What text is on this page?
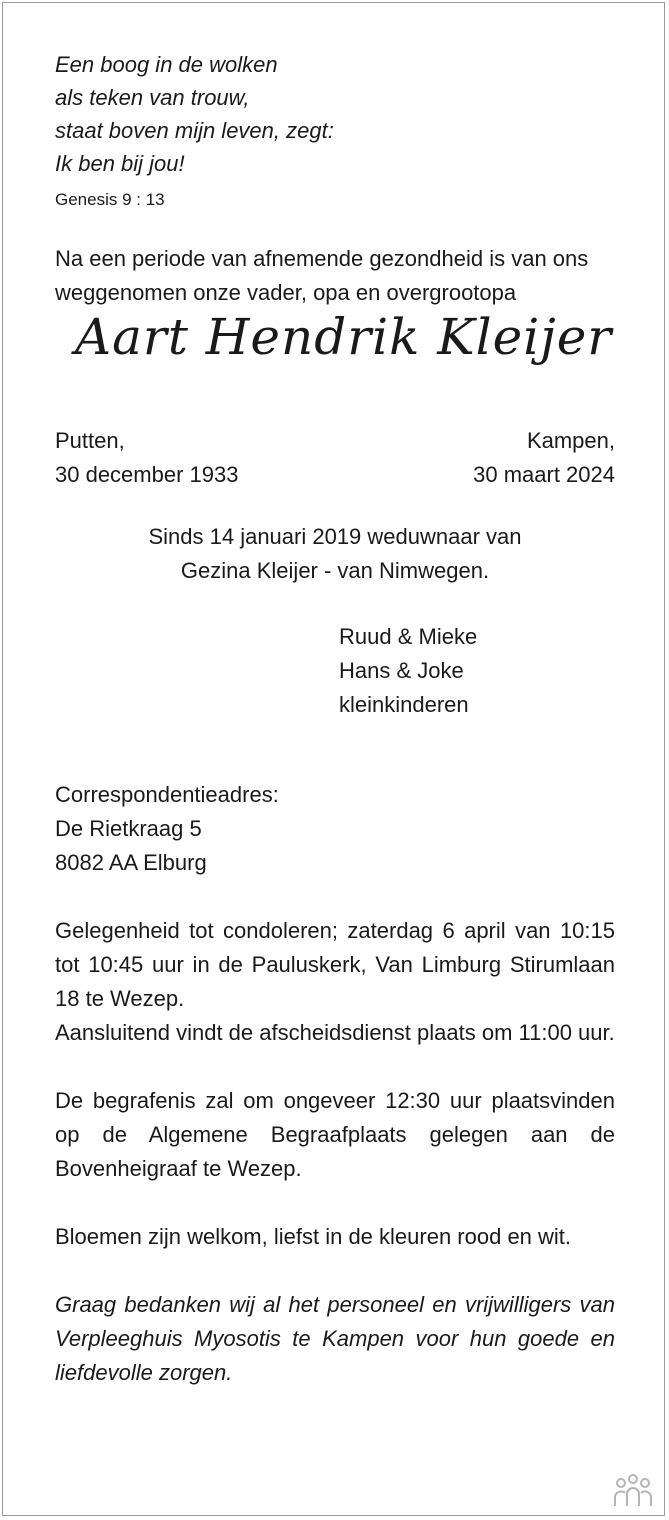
Een boog in de wolken
als teken van trouw,
staat boven mijn leven, zegt:
Ik ben bij jou!
Genesis 9 : 13
Na een periode van afnemende gezondheid is van ons weggenomen onze vader, opa en overgrootopa
Aart Hendrik Kleijer
Putten,
30 december 1933
Kampen,
30 maart 2024
Sinds 14 januari 2019 weduwnaar van
Gezina Kleijer - van Nimwegen.
Ruud & Mieke
Hans & Joke
kleinkinderen
Correspondentieadres:
De Rietkraag 5
8082 AA Elburg
Gelegenheid tot condoleren; zaterdag 6 april van 10:15 tot 10:45 uur in de Pauluskerk, Van Limburg Stirumlaan 18 te Wezep.
Aansluitend vindt de afscheidsdienst plaats om 11:00 uur.
De begrafenis zal om ongeveer 12:30 uur plaatsvinden op de Algemene Begraafplaats gelegen aan de Bovenheigraaf te Wezep.
Bloemen zijn welkom, liefst in de kleuren rood en wit.
Graag bedanken wij al het personeel en vrijwilligers van Verpleeghuis Myosotis te Kampen voor hun goede en liefdevolle zorgen.
